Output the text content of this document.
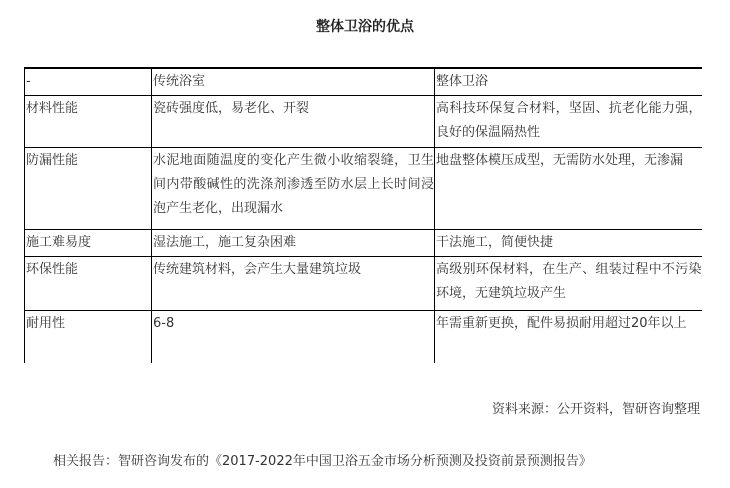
整体卫浴的优点
-	传统浴室	整体卫浴
材料性能	瓷砖强度低，易老化、开裂	高科技环保复合材料，坚固、抗老化能力强，良好的保温隔热性
防漏性能	水泥地面随温度的变化产生微小收缩裂缝，卫生间内带酸碱性的洗涤剂渗透至防水层上长时间浸泡产生老化，出现漏水	地盘整体模压成型，无需防水处理，无渗漏
施工难易度	湿法施工，施工复杂困难	干法施工，简便快捷
环保性能	传统建筑材料，会产生大量建筑垃圾	高级别环保材料，在生产、组装过程中不污染环境，无建筑垃圾产生
耐用性	6-8	年需重新更换，配件易损耐用超过20年以上
资料来源：公开资料，智研咨询整理
相关报告：智研咨询发布的《2017-2022年中国卫浴五金市场分析预测及投资前景预测报告》
